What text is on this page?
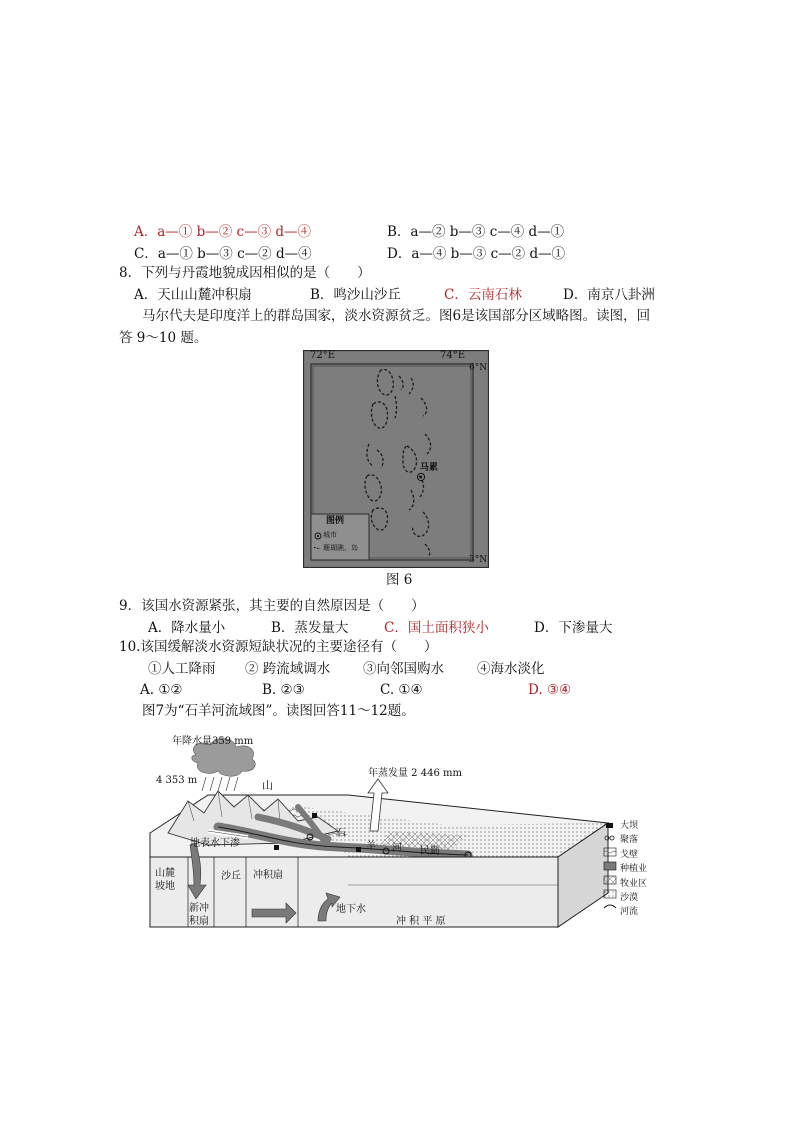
A．a—① b—② c—③ d—④	B．a—② b—③ c—④ d—①
C．a—① b—③ c—② d—④	D．a—④ b—③ c—② d—①
8．下列与丹霞地貌成因相似的是（　　）
A．天山山麓冲积扇	B．鸣沙山沙丘	C．云南石林	D．南京八卦洲
马尔代夫是印度洋上的群岛国家，淡水资源贫乏。图6是该国部分区域略图。读图，回
答 9～10 题。
72°E	74°E
6°N
3°N
马累
图例
城市
珊瑚礁、岛
图 6
9．该国水资源紧张，其主要的自然原因是（　　）
A．降水量小	B．蒸发量大	C．国土面积狭小	D．下渗量大
10.该国缓解淡水资源短缺状况的主要途径有（　　）
①人工降雨 ② 跨流域调水 ③向邻国购水 ④海水淡化
A. ①②	B. ②③	C. ①④	D. ③④
图7为“石羊河流域图”。读图回答11～12题。
年降水量359 mm
4 353 m	山
年蒸发量 2 446 mm
地表水下渗
石
羊 河 民勤
山麓
坡地
新冲
积扇
沙丘 冲积扇
地下水
冲 积 平 原
大坝
聚落
戈壁
种植业
牧业区
沙漠
河流
